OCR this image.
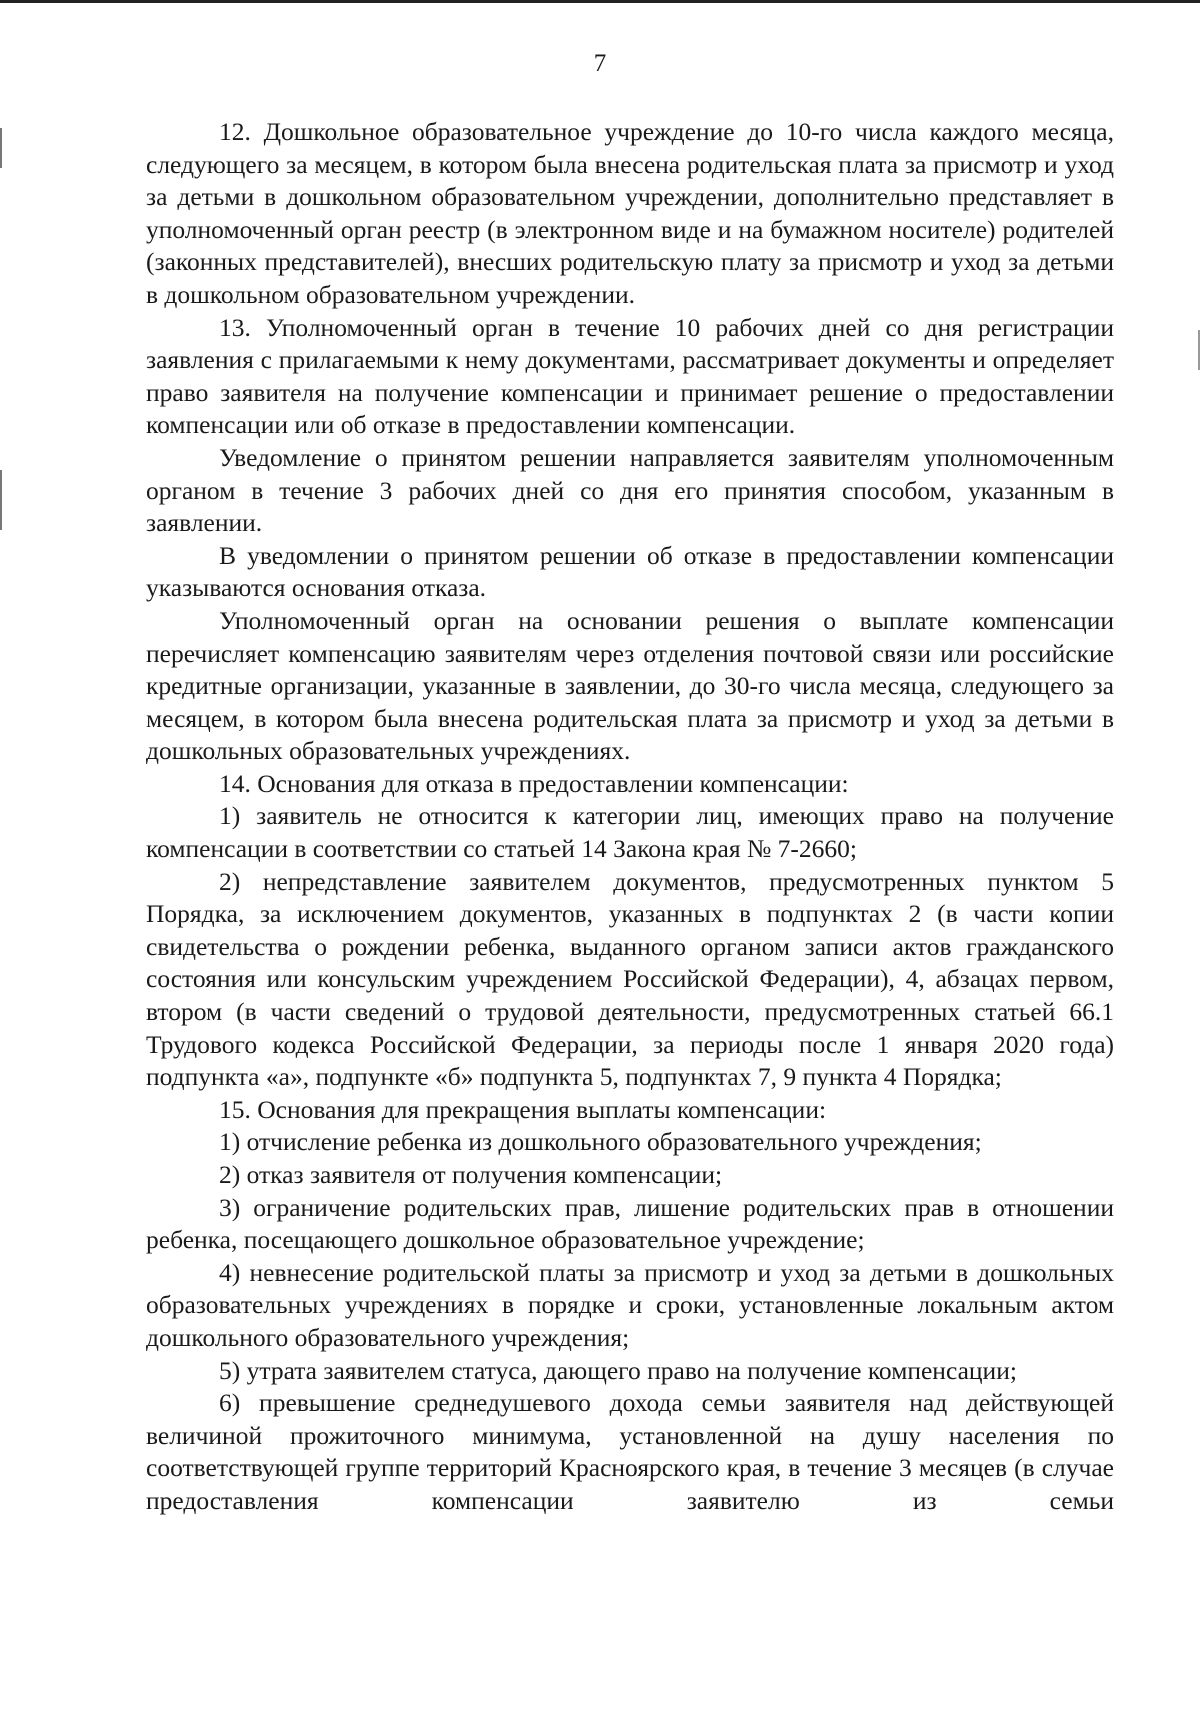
7

12. Дошкольное образовательное учреждение до 10-го числа каждого месяца, следующего за месяцем, в котором была внесена родительская плата за присмотр и уход за детьми в дошкольном образовательном учреждении, дополнительно представляет в уполномоченный орган реестр (в электронном виде и на бумажном носителе) родителей (законных представителей), внесших родительскую плату за присмотр и уход за детьми в дошкольном образовательном учреждении.

13. Уполномоченный орган в течение 10 рабочих дней со дня регистрации заявления с прилагаемыми к нему документами, рассматривает документы и определяет право заявителя на получение компенсации и принимает решение о предоставлении компенсации или об отказе в предоставлении компенсации.

Уведомление о принятом решении направляется заявителям уполномоченным органом в течение 3 рабочих дней со дня его принятия способом, указанным в заявлении.

В уведомлении о принятом решении об отказе в предоставлении компенсации указываются основания отказа.

Уполномоченный орган на основании решения о выплате компенсации перечисляет компенсацию заявителям через отделения почтовой связи или российские кредитные организации, указанные в заявлении, до 30-го числа месяца, следующего за месяцем, в котором была внесена родительская плата за присмотр и уход за детьми в дошкольных образовательных учреждениях.

14. Основания для отказа в предоставлении компенсации:

1) заявитель не относится к категории лиц, имеющих право на получение компенсации в соответствии со статьей 14 Закона края № 7-2660;

2) непредставление заявителем документов, предусмотренных пунктом 5 Порядка, за исключением документов, указанных в подпунктах 2 (в части копии свидетельства о рождении ребенка, выданного органом записи актов гражданского состояния или консульским учреждением Российской Федерации), 4, абзацах первом, втором (в части сведений о трудовой деятельности, предусмотренных статьей 66.1 Трудового кодекса Российской Федерации, за периоды после 1 января 2020 года) подпункта «а», подпункте «б» подпункта 5, подпунктах 7, 9 пункта 4 Порядка;

15. Основания для прекращения выплаты компенсации:

1) отчисление ребенка из дошкольного образовательного учреждения;

2) отказ заявителя от получения компенсации;

3) ограничение родительских прав, лишение родительских прав в отношении ребенка, посещающего дошкольное образовательное учреждение;

4) невнесение родительской платы за присмотр и уход за детьми в дошкольных образовательных учреждениях в порядке и сроки, установленные локальным актом дошкольного образовательного учреждения;

5) утрата заявителем статуса, дающего право на получение компенсации;

6) превышение среднедушевого дохода семьи заявителя над действующей величиной прожиточного минимума, установленной на душу населения по соответствующей группе территорий Красноярского края, в течение 3 месяцев (в случае предоставления компенсации заявителю из семьи
